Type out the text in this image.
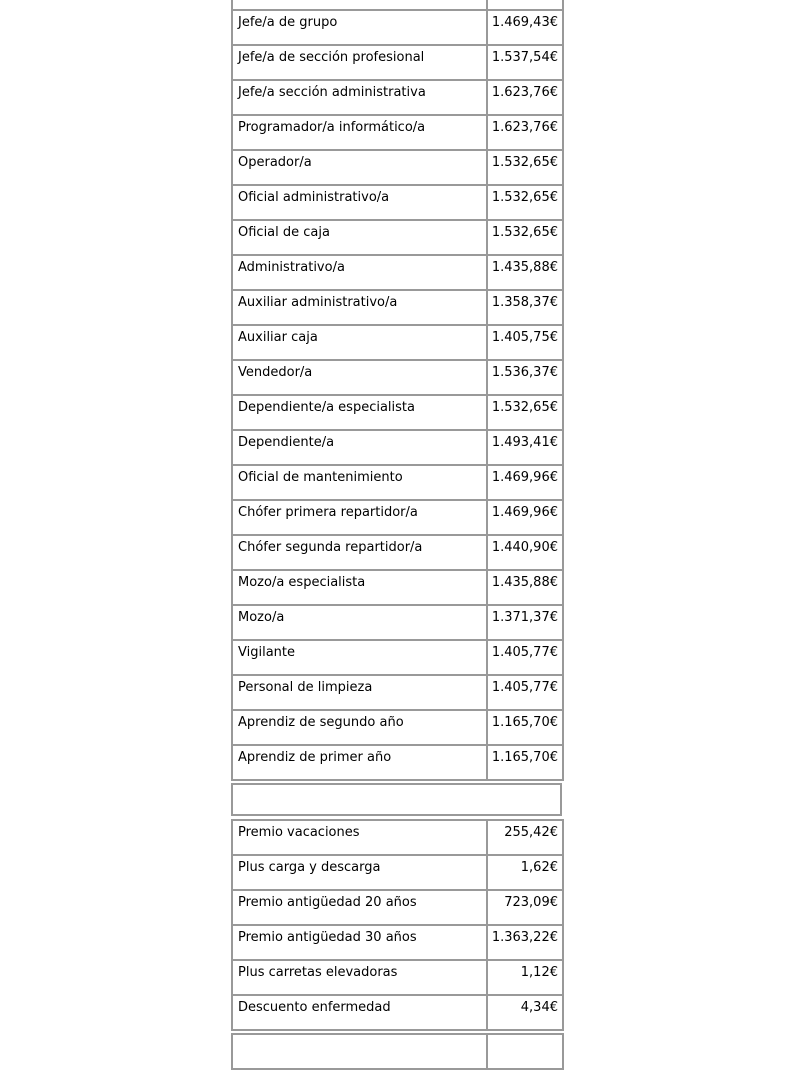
Jefe/a de grupo	1.469,43€
Jefe/a de sección profesional	1.537,54€
Jefe/a sección administrativa	1.623,76€
Programador/a informático/a	1.623,76€
Operador/a	1.532,65€
Oficial administrativo/a	1.532,65€
Oficial de caja	1.532,65€
Administrativo/a	1.435,88€
Auxiliar administrativo/a	1.358,37€
Auxiliar caja	1.405,75€
Vendedor/a	1.536,37€
Dependiente/a especialista	1.532,65€
Dependiente/a	1.493,41€
Oficial de mantenimiento	1.469,96€
Chófer primera repartidor/a	1.469,96€
Chófer segunda repartidor/a	1.440,90€
Mozo/a especialista	1.435,88€
Mozo/a	1.371,37€
Vigilante	1.405,77€
Personal de limpieza	1.405,77€
Aprendiz de segundo año	1.165,70€
Aprendiz de primer año	1.165,70€
Premio vacaciones	255,42€
Plus carga y descarga	1,62€
Premio antigüedad 20 años	723,09€
Premio antigüedad 30 años	1.363,22€
Plus carretas elevadoras	1,12€
Descuento enfermedad	4,34€
